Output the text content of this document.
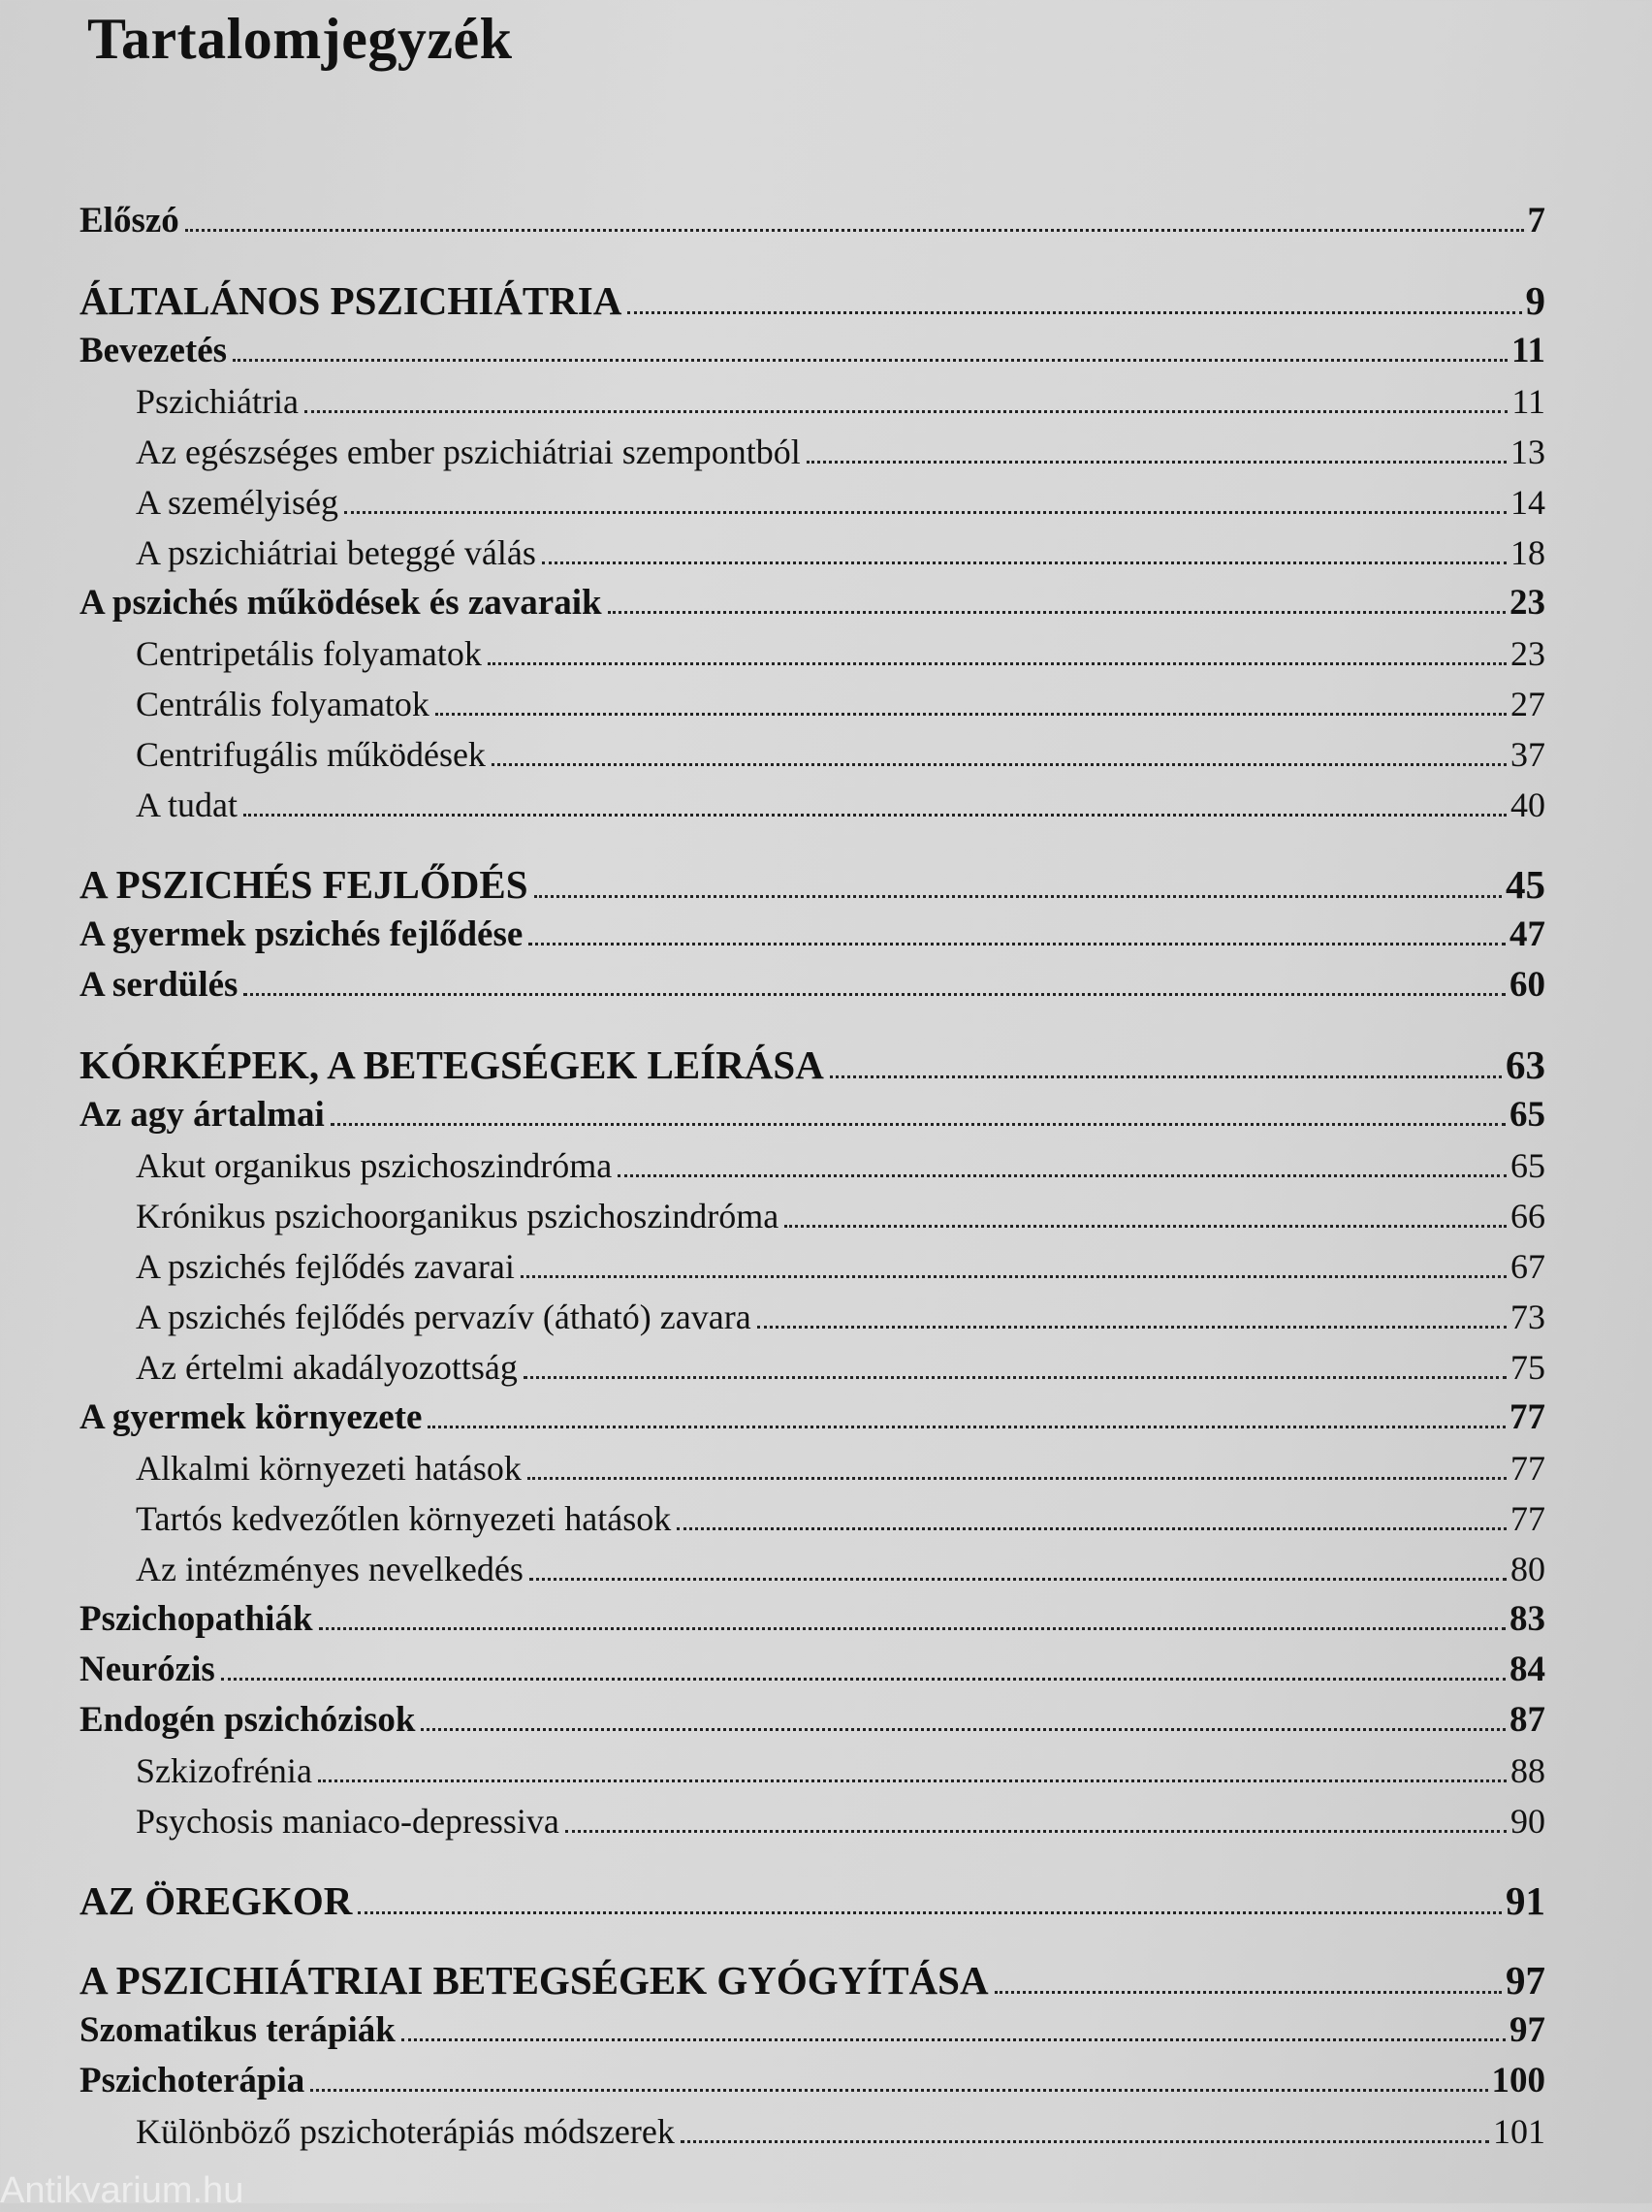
Tartalomjegyzék
Előszó	7
ÁLTALÁNOS PSZICHIÁTRIA	9
Bevezetés	11
Pszichiátria	11
Az egészséges ember pszichiátriai szempontból	13
A személyiség	14
A pszichiátriai beteggé válás	18
A pszichés működések és zavaraik	23
Centripetális folyamatok	23
Centrális folyamatok	27
Centrifugális működések	37
A tudat	40
A PSZICHÉS FEJLŐDÉS	45
A gyermek pszichés fejlődése	47
A serdülés	60
KÓRKÉPEK, A BETEGSÉGEK LEÍRÁSA	63
Az agy ártalmai	65
Akut organikus pszichoszindróma	65
Krónikus pszichoorganikus pszichoszindróma	66
A pszichés fejlődés zavarai	67
A pszichés fejlődés pervazív (átható) zavara	73
Az értelmi akadályozottság	75
A gyermek környezete	77
Alkalmi környezeti hatások	77
Tartós kedvezőtlen környezeti hatások	77
Az intézményes nevelkedés	80
Pszichopathiák	83
Neurózis	84
Endogén pszichózisok	87
Szkizofrénia	88
Psychosis maniaco-depressiva	90
AZ ÖREGKOR	91
A PSZICHIÁTRIAI BETEGSÉGEK GYÓGYÍTÁSA	97
Szomatikus terápiák	97
Pszichoterápia	100
Különböző pszichoterápiás módszerek	101
Antikvarium.hu
